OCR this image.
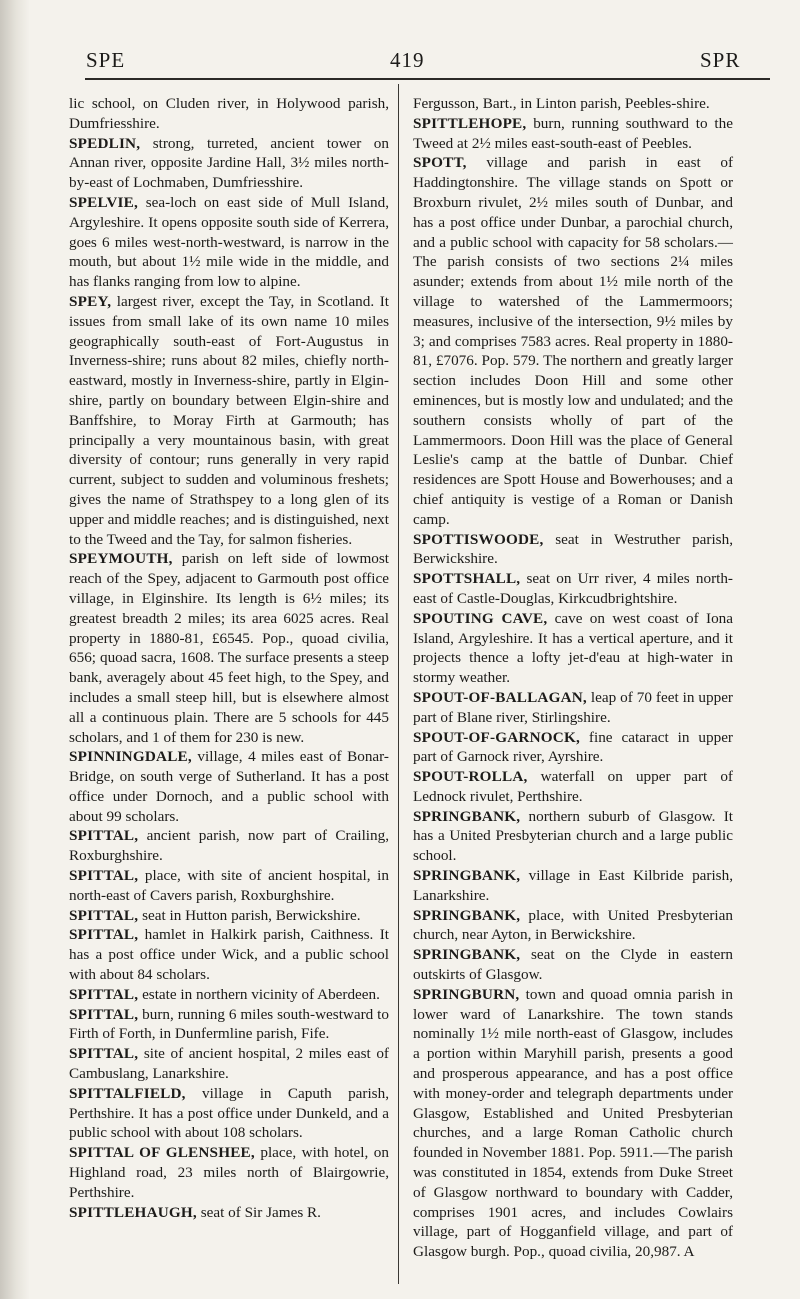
SPE	419	SPR

lic school, on Cluden river, in Holywood parish, Dumfriesshire.

SPEDLIN, strong, turreted, ancient tower on Annan river, opposite Jardine Hall, 3½ miles north-by-east of Lochmaben, Dumfriesshire.

SPELVIE, sea-loch on east side of Mull Island, Argyleshire. It opens opposite south side of Kerrera, goes 6 miles west-north-westward, is narrow in the mouth, but about 1½ mile wide in the middle, and has flanks ranging from low to alpine.

SPEY, largest river, except the Tay, in Scotland. It issues from small lake of its own name 10 miles geographically south-east of Fort-Augustus in Inverness-shire; runs about 82 miles, chiefly north-eastward, mostly in Inverness-shire, partly in Elgin-shire, partly on boundary between Elgin-shire and Banffshire, to Moray Firth at Garmouth; has principally a very mountainous basin, with great diversity of contour; runs generally in very rapid current, subject to sudden and voluminous freshets; gives the name of Strathspey to a long glen of its upper and middle reaches; and is distinguished, next to the Tweed and the Tay, for salmon fisheries.

SPEYMOUTH, parish on left side of lowmost reach of the Spey, adjacent to Garmouth post office village, in Elginshire. Its length is 6½ miles; its greatest breadth 2 miles; its area 6025 acres. Real property in 1880-81, £6545. Pop., quoad civilia, 656; quoad sacra, 1608. The surface presents a steep bank, averagely about 45 feet high, to the Spey, and includes a small steep hill, but is elsewhere almost all a continuous plain. There are 5 schools for 445 scholars, and 1 of them for 230 is new.

SPINNINGDALE, village, 4 miles east of Bonar-Bridge, on south verge of Sutherland. It has a post office under Dornoch, and a public school with about 99 scholars.

SPITTAL, ancient parish, now part of Crailing, Roxburghshire.

SPITTAL, place, with site of ancient hospital, in north-east of Cavers parish, Roxburghshire.

SPITTAL, seat in Hutton parish, Berwickshire.

SPITTAL, hamlet in Halkirk parish, Caithness. It has a post office under Wick, and a public school with about 84 scholars.

SPITTAL, estate in northern vicinity of Aberdeen.

SPITTAL, burn, running 6 miles south-westward to Firth of Forth, in Dunfermline parish, Fife.

SPITTAL, site of ancient hospital, 2 miles east of Cambuslang, Lanarkshire.

SPITTALFIELD, village in Caputh parish, Perthshire. It has a post office under Dunkeld, and a public school with about 108 scholars.

SPITTAL OF GLENSHEE, place, with hotel, on Highland road, 23 miles north of Blairgowrie, Perthshire.

SPITTLEHAUGH, seat of Sir James R.

Fergusson, Bart., in Linton parish, Peebles-shire.

SPITTLEHOPE, burn, running southward to the Tweed at 2½ miles east-south-east of Peebles.

SPOTT, village and parish in east of Haddingtonshire. The village stands on Spott or Broxburn rivulet, 2½ miles south of Dunbar, and has a post office under Dunbar, a parochial church, and a public school with capacity for 58 scholars.—The parish consists of two sections 2¼ miles asunder; extends from about 1½ mile north of the village to watershed of the Lammermoors; measures, inclusive of the intersection, 9½ miles by 3; and comprises 7583 acres. Real property in 1880-81, £7076. Pop. 579. The northern and greatly larger section includes Doon Hill and some other eminences, but is mostly low and undulated; and the southern consists wholly of part of the Lammermoors. Doon Hill was the place of General Leslie's camp at the battle of Dunbar. Chief residences are Spott House and Bowerhouses; and a chief antiquity is vestige of a Roman or Danish camp.

SPOTTISWOODE, seat in Westruther parish, Berwickshire.

SPOTTSHALL, seat on Urr river, 4 miles north-east of Castle-Douglas, Kirkcudbrightshire.

SPOUTING CAVE, cave on west coast of Iona Island, Argyleshire. It has a vertical aperture, and it projects thence a lofty jet-d'eau at high-water in stormy weather.

SPOUT-OF-BALLAGAN, leap of 70 feet in upper part of Blane river, Stirlingshire.

SPOUT-OF-GARNOCK, fine cataract in upper part of Garnock river, Ayrshire.

SPOUT-ROLLA, waterfall on upper part of Lednock rivulet, Perthshire.

SPRINGBANK, northern suburb of Glasgow. It has a United Presbyterian church and a large public school.

SPRINGBANK, village in East Kilbride parish, Lanarkshire.

SPRINGBANK, place, with United Presbyterian church, near Ayton, in Berwickshire.

SPRINGBANK, seat on the Clyde in eastern outskirts of Glasgow.

SPRINGBURN, town and quoad omnia parish in lower ward of Lanarkshire. The town stands nominally 1½ mile north-east of Glasgow, includes a portion within Maryhill parish, presents a good and prosperous appearance, and has a post office with money-order and telegraph departments under Glasgow, Established and United Presbyterian churches, and a large Roman Catholic church founded in November 1881. Pop. 5911.—The parish was constituted in 1854, extends from Duke Street of Glasgow northward to boundary with Cadder, comprises 1901 acres, and includes Cowlairs village, part of Hogganfield village, and part of Glasgow burgh. Pop., quoad civilia, 20,987. A
